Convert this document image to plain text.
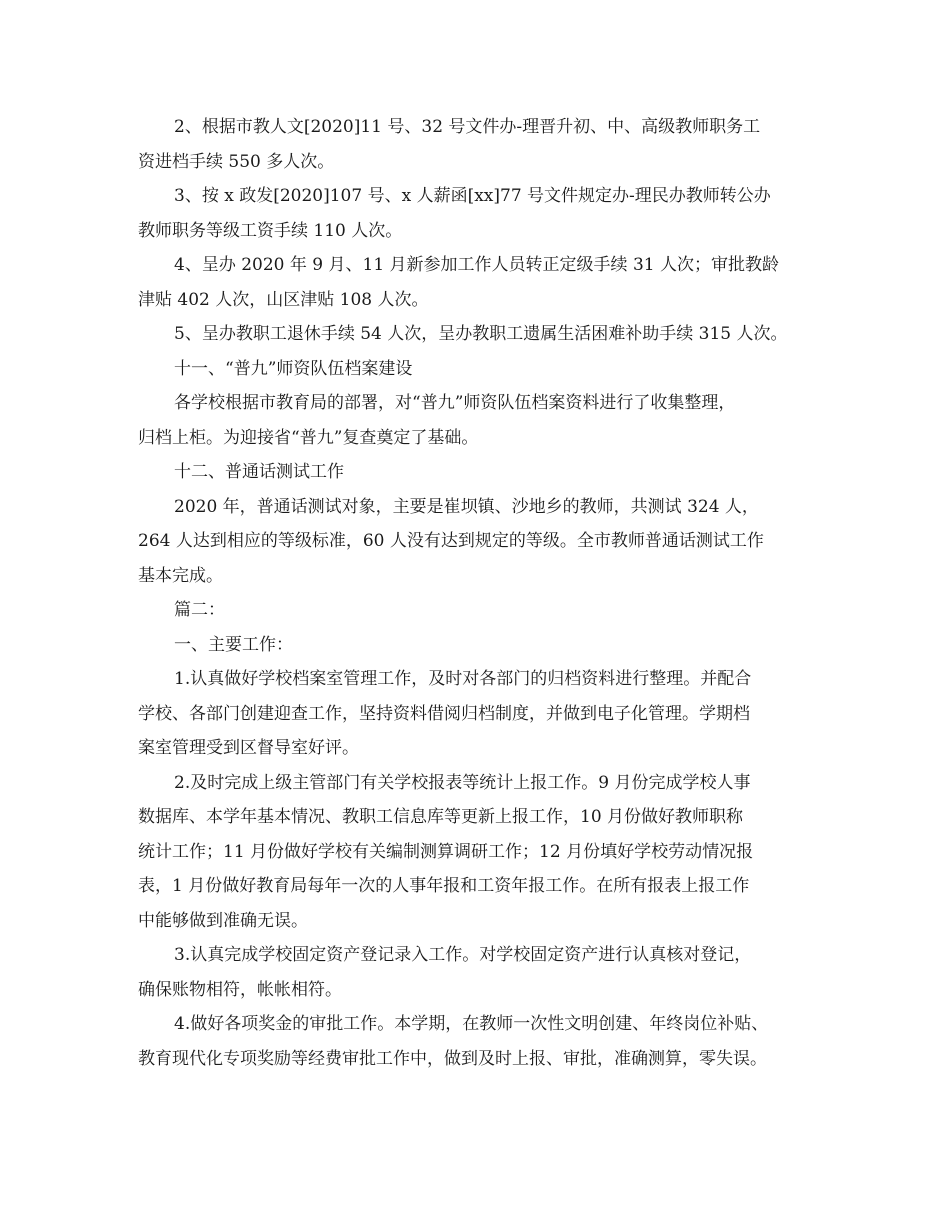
2、根据市教人文[2020]11 号、32 号文件办-理晋升初、中、高级教师职务工
资进档手续 550 多人次。
3、按 x 政发[2020]107 号、x 人薪函[xx]77 号文件规定办-理民办教师转公办
教师职务等级工资手续 110 人次。
4、呈办 2020 年 9 月、11 月新参加工作人员转正定级手续 31 人次；审批教龄
津贴 402 人次，山区津贴 108 人次。
5、呈办教职工退休手续 54 人次，呈办教职工遗属生活困难补助手续 315 人次。
十一、“普九”师资队伍档案建设
各学校根据市教育局的部署，对“普九”师资队伍档案资料进行了收集整理，
归档上柜。为迎接省“普九”复查奠定了基础。
十二、普通话测试工作
2020 年，普通话测试对象，主要是崔坝镇、沙地乡的教师，共测试 324 人，
264 人达到相应的等级标准，60 人没有达到规定的等级。全市教师普通话测试工作
基本完成。
篇二：
一、主要工作：
1.认真做好学校档案室管理工作，及时对各部门的归档资料进行整理。并配合
学校、各部门创建迎查工作，坚持资料借阅归档制度，并做到电子化管理。学期档
案室管理受到区督导室好评。
2.及时完成上级主管部门有关学校报表等统计上报工作。9 月份完成学校人事
数据库、本学年基本情况、教职工信息库等更新上报工作，10 月份做好教师职称
统计工作；11 月份做好学校有关编制测算调研工作；12 月份填好学校劳动情况报
表，1 月份做好教育局每年一次的人事年报和工资年报工作。在所有报表上报工作
中能够做到准确无误。
3.认真完成学校固定资产登记录入工作。对学校固定资产进行认真核对登记，
确保账物相符，帐帐相符。
4.做好各项奖金的审批工作。本学期，在教师一次性文明创建、年终岗位补贴、
教育现代化专项奖励等经费审批工作中，做到及时上报、审批，准确测算，零失误。
